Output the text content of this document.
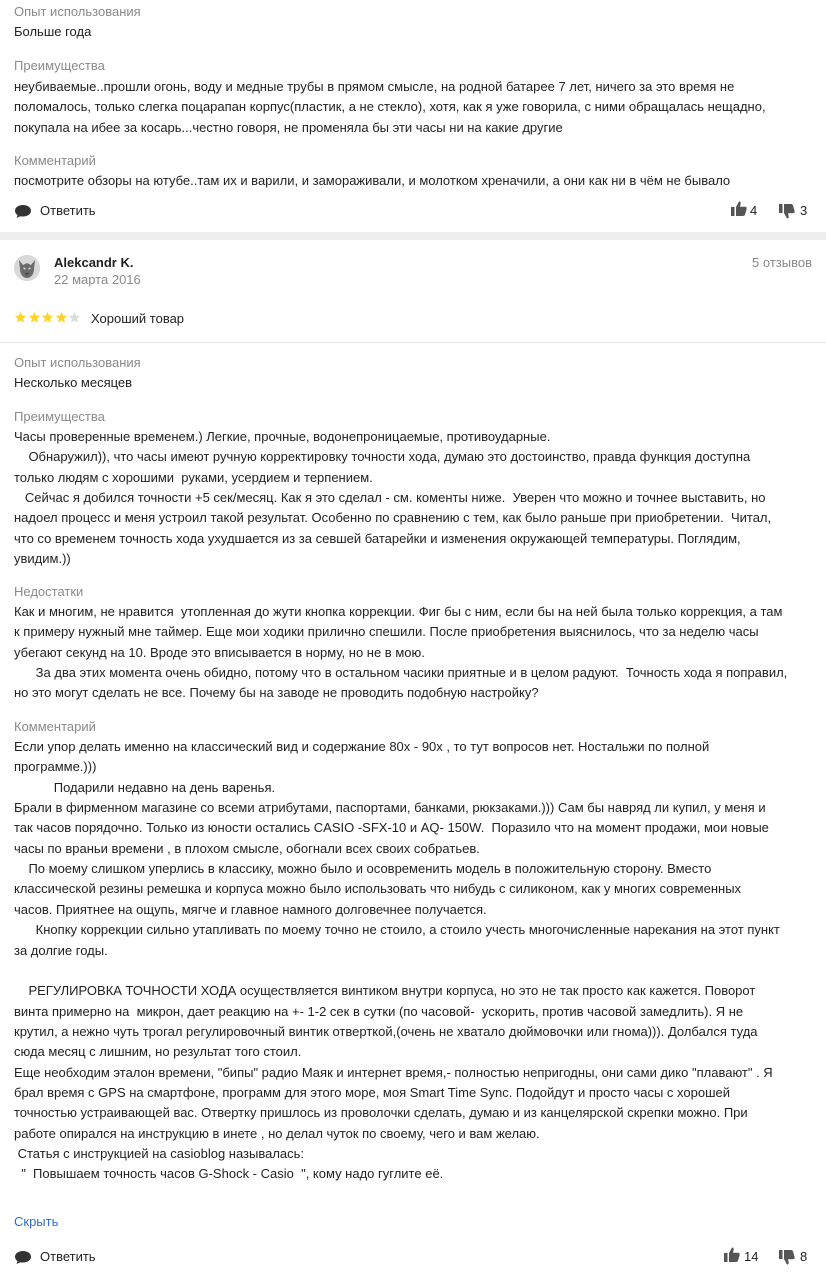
Опыт использования
Больше года
Преимущества
неубиваемые..прошли огонь, воду и медные трубы в прямом смысле, на родной батарее 7 лет, ничего за это время не
поломалось, только слегка поцарапан корпус(пластик, а не стекло), хотя, как я уже говорила, с ними обращалась нещадно,
покупала на ибее за косарь...честно говоря, не променяла бы эти часы ни на какие другие
Комментарий
посмотрите обзоры на ютубе..там их и варили, и замораживали, и молотком хреначили, а они как ни в чём не бывало
Ответить	4	3
Alekcandr K.
22 марта 2016
5 отзывов
Хороший товар
Опыт использования
Несколько месяцев
Преимущества
Часы проверенные временем.) Легкие, прочные, водонепроницаемые, противоударные.
Обнаружил)), что часы имеют ручную корректировку точности хода, думаю это достоинство, правда функция доступна
только людям с хорошими  руками, усердием и терпением.
Сейчас я добился точности +5 сек/месяц. Как я это сделал - см. коменты ниже.  Уверен что можно и точнее выставить, но
надоел процесс и меня устроил такой результат. Особенно по сравнению с тем, как было раньше при приобретении.  Читал,
что со временем точность хода ухудшается из за севшей батарейки и изменения окружающей температуры. Поглядим,
увидим.))
Недостатки
Как и многим, не нравится  утопленная до жути кнопка коррекции. Фиг бы с ним, если бы на ней была только коррекция, а там
к примеру нужный мне таймер. Еще мои ходики прилично спешили. После приобретения выяснилось, что за неделю часы
убегают секунд на 10. Вроде это вписывается в норму, но не в мою.
За два этих момента очень обидно, потому что в остальном часики приятные и в целом радуют.  Точность хода я поправил,
но это могут сделать не все. Почему бы на заводе не проводить подобную настройку?
Комментарий
Если упор делать именно на классический вид и содержание 80х - 90х , то тут вопросов нет. Ностальжи по полной
программе.)))
Подарили недавно на день варенья.
Брали в фирменном магазине со всеми атрибутами, паспортами, банками, рюкзаками.))) Сам бы навряд ли купил, у меня и
так часов порядочно. Только из юности остались CASIO -SFX-10 и AQ- 150W.  Поразило что на момент продажи, мои новые
часы по враньи времени , в плохом смысле, обогнали всех своих собратьев.
По моему слишком уперлись в классику, можно было и осовременить модель в положительную сторону. Вместо
классической резины ремешка и корпуса можно было использовать что нибудь с силиконом, как у многих современных
часов. Приятнее на ощупь, мягче и главное намного долговечнее получается.
Кнопку коррекции сильно утапливать по моему точно не стоило, а стоило учесть многочисленные нарекания на этот пункт
за долгие годы.
РЕГУЛИРОВКА ТОЧНОСТИ ХОДА осуществляется винтиком внутри корпуса, но это не так просто как кажется. Поворот
винта примерно на  микрон, дает реакцию на +- 1-2 сек в сутки (по часовой-  ускорить, против часовой замедлить). Я не
крутил, а нежно чуть трогал регулировочный винтик отверткой,(очень не хватало дюймовочки или гнома))). Долбался туда
сюда месяц с лишним, но результат того стоил.
Еще необходим эталон времени, "бипы" радио Маяк и интернет время,- полностью непригодны, они сами дико "плавают" . Я
брал время с GPS на смартфоне, программ для этого море, моя Smart Time Sync. Подойдут и просто часы с хорошей
точностью устраивающей вас. Отвертку пришлось из проволочки сделать, думаю и из канцелярской скрепки можно. При
работе опирался на инструкцию в инете , но делал чуток по своему, чего и вам желаю.
Статья с инструкцией на casioblog называлась:
"  Повышаем точность часов G-Shock - Casio  ", кому надо гуглите её.
Скрыть
Ответить	14	8
